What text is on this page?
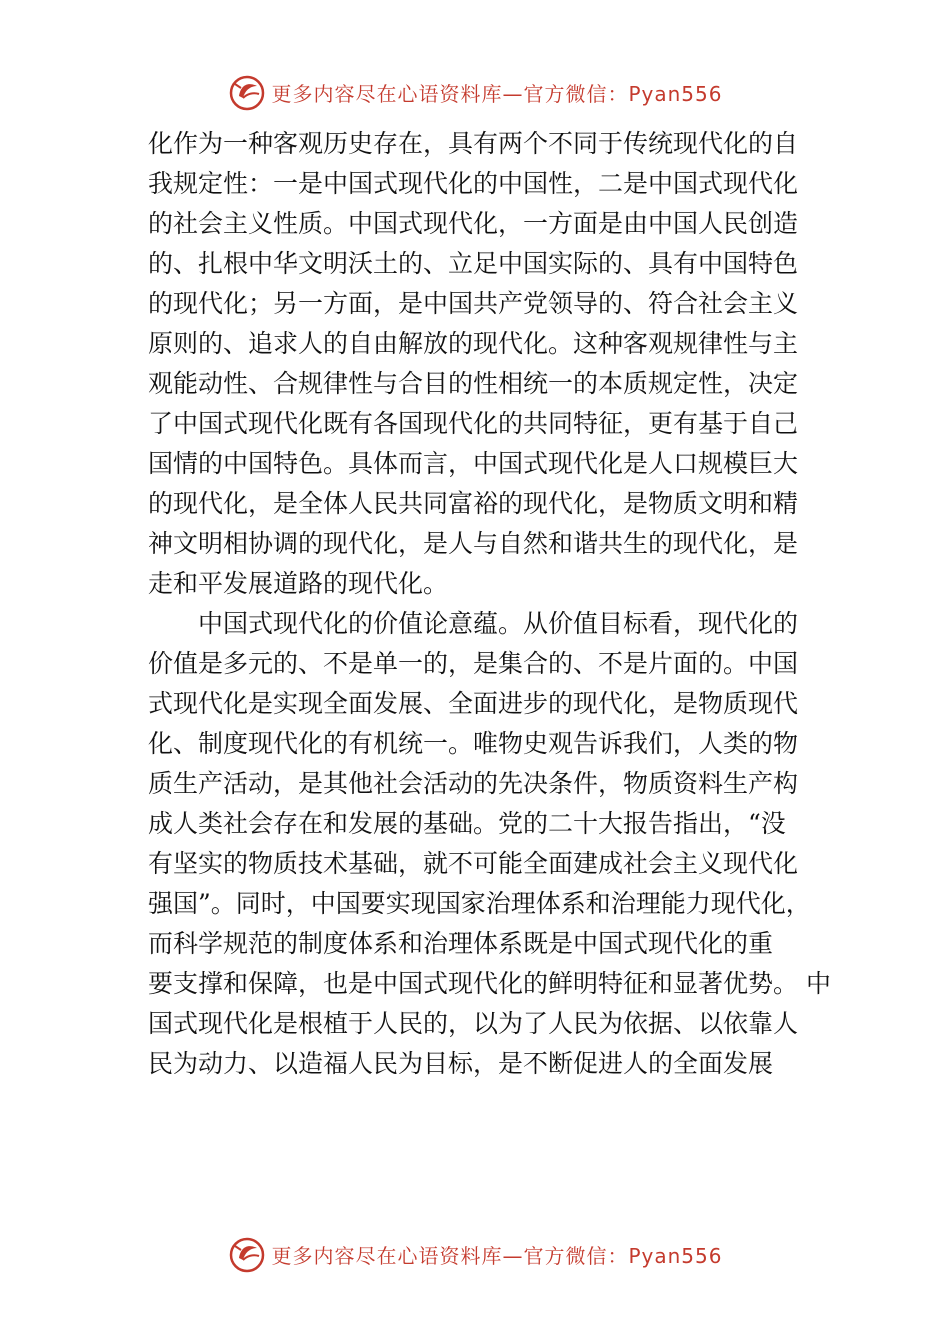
更多内容尽在心语资料库—官方微信：Pyan556
化作为一种客观历史存在，具有两个不同于传统现代化的自
我规定性：一是中国式现代化的中国性，二是中国式现代化
的社会主义性质。中国式现代化，一方面是由中国人民创造
的、扎根中华文明沃土的、立足中国实际的、具有中国特色
的现代化；另一方面，是中国共产党领导的、符合社会主义
原则的、追求人的自由解放的现代化。这种客观规律性与主
观能动性、合规律性与合目的性相统一的本质规定性，决定
了中国式现代化既有各国现代化的共同特征，更有基于自己
国情的中国特色。具体而言，中国式现代化是人口规模巨大
的现代化，是全体人民共同富裕的现代化，是物质文明和精
神文明相协调的现代化，是人与自然和谐共生的现代化，是
走和平发展道路的现代化。
中国式现代化的价值论意蕴。从价值目标看，现代化的
价值是多元的、不是单一的，是集合的、不是片面的。中国
式现代化是实现全面发展、全面进步的现代化，是物质现代
化、制度现代化的有机统一。唯物史观告诉我们，人类的物
质生产活动，是其他社会活动的先决条件，物质资料生产构
成人类社会存在和发展的基础。党的二十大报告指出，“没
有坚实的物质技术基础，就不可能全面建成社会主义现代化
强国”。同时，中国要实现国家治理体系和治理能力现代化，
而科学规范的制度体系和治理体系既是中国式现代化的重
要支撑和保障，也是中国式现代化的鲜明特征和显著优势。 中
国式现代化是根植于人民的，以为了人民为依据、以依靠人
民为动力、以造福人民为目标，是不断促进人的全面发展
更多内容尽在心语资料库—官方微信：Pyan556
